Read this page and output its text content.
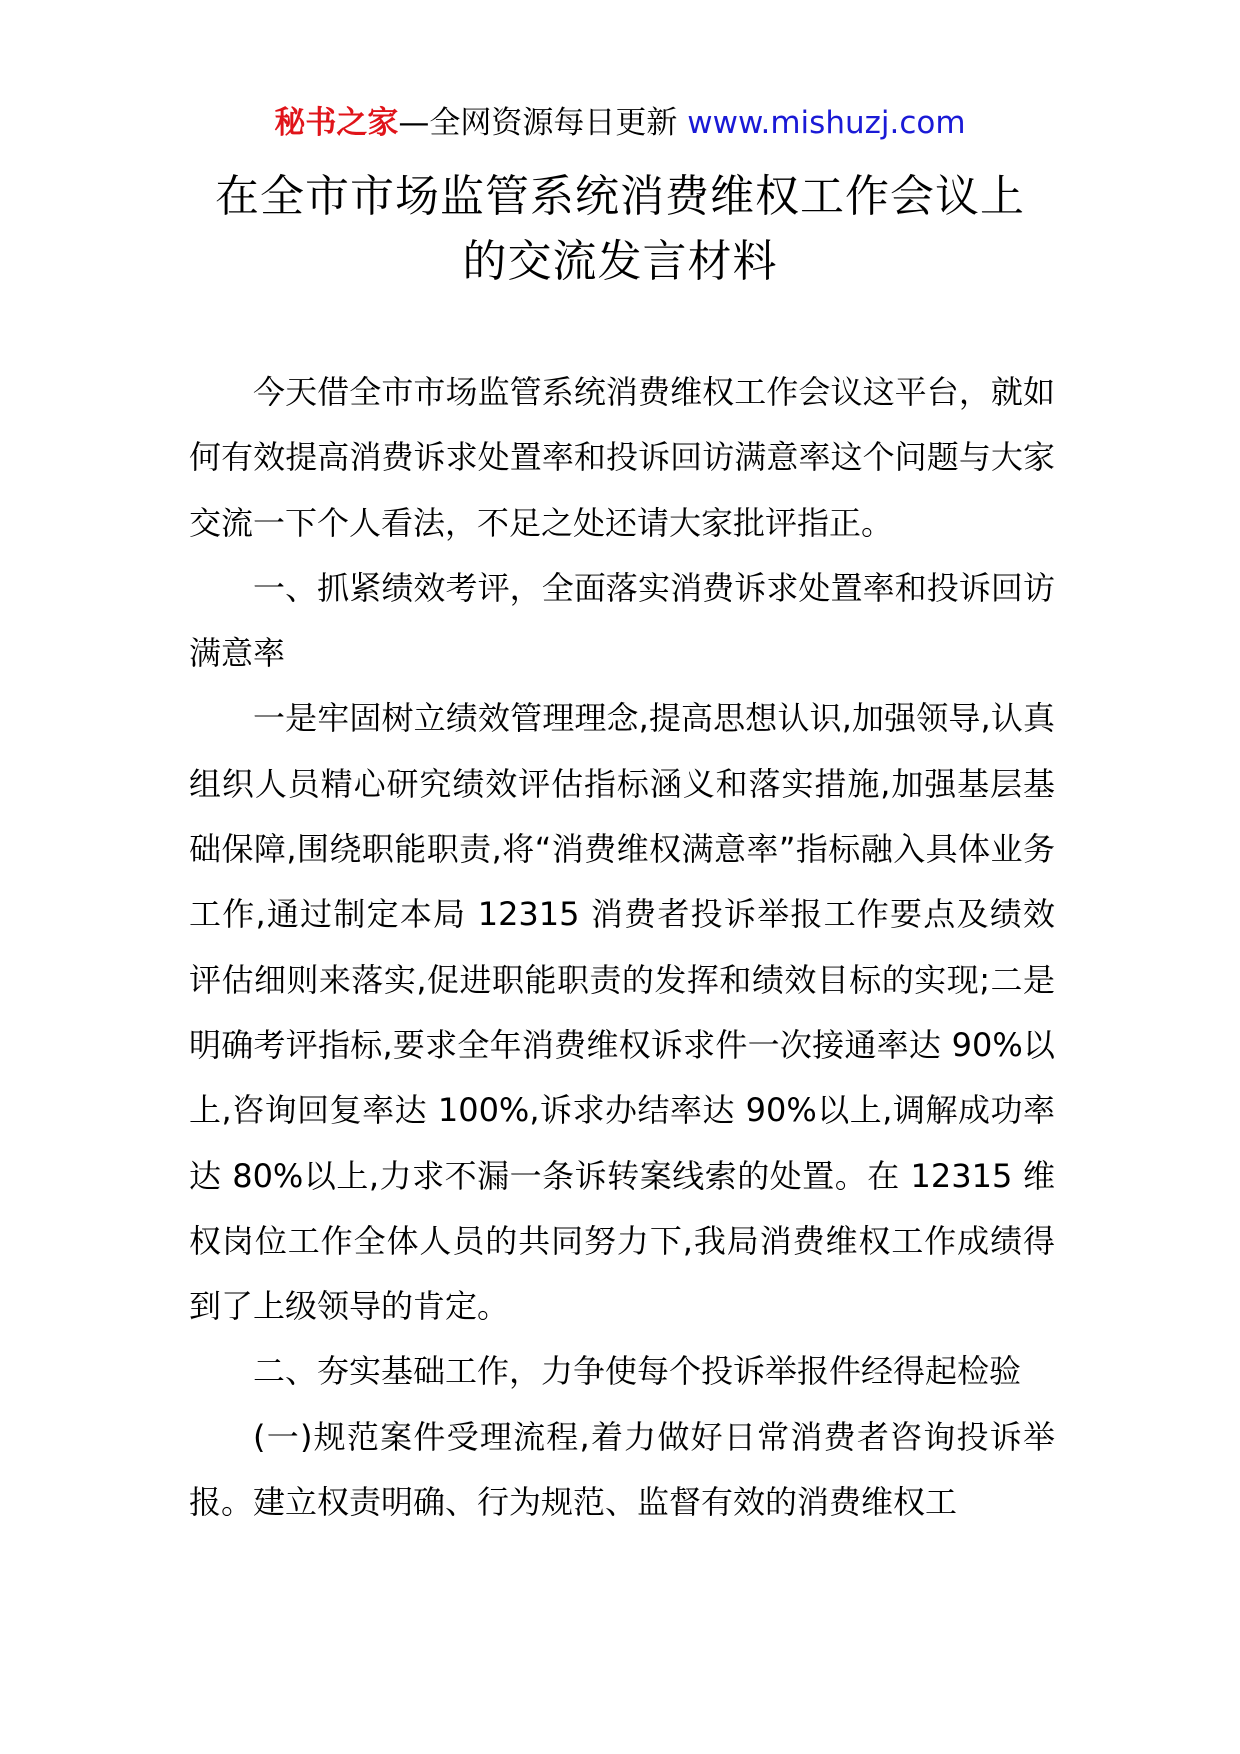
秘书之家—全网资源每日更新 www.mishuzj.com
在全市市场监管系统消费维权工作会议上
的交流发言材料

今天借全市市场监管系统消费维权工作会议这平台，就如何有效提高消费诉求处置率和投诉回访满意率这个问题与大家交流一下个人看法，不足之处还请大家批评指正。

一、抓紧绩效考评，全面落实消费诉求处置率和投诉回访满意率

一是牢固树立绩效管理理念,提高思想认识,加强领导,认真组织人员精心研究绩效评估指标涵义和落实措施,加强基层基础保障,围绕职能职责,将“消费维权满意率”指标融入具体业务工作,通过制定本局 12315 消费者投诉举报工作要点及绩效评估细则来落实,促进职能职责的发挥和绩效目标的实现;二是明确考评指标,要求全年消费维权诉求件一次接通率达 90%以上,咨询回复率达 100%,诉求办结率达 90%以上,调解成功率达 80%以上,力求不漏一条诉转案线索的处置。在 12315 维权岗位工作全体人员的共同努力下,我局消费维权工作成绩得到了上级领导的肯定。

二、夯实基础工作，力争使每个投诉举报件经得起检验

(一)规范案件受理流程,着力做好日常消费者咨询投诉举报。建立权责明确、行为规范、监督有效的消费维权工
